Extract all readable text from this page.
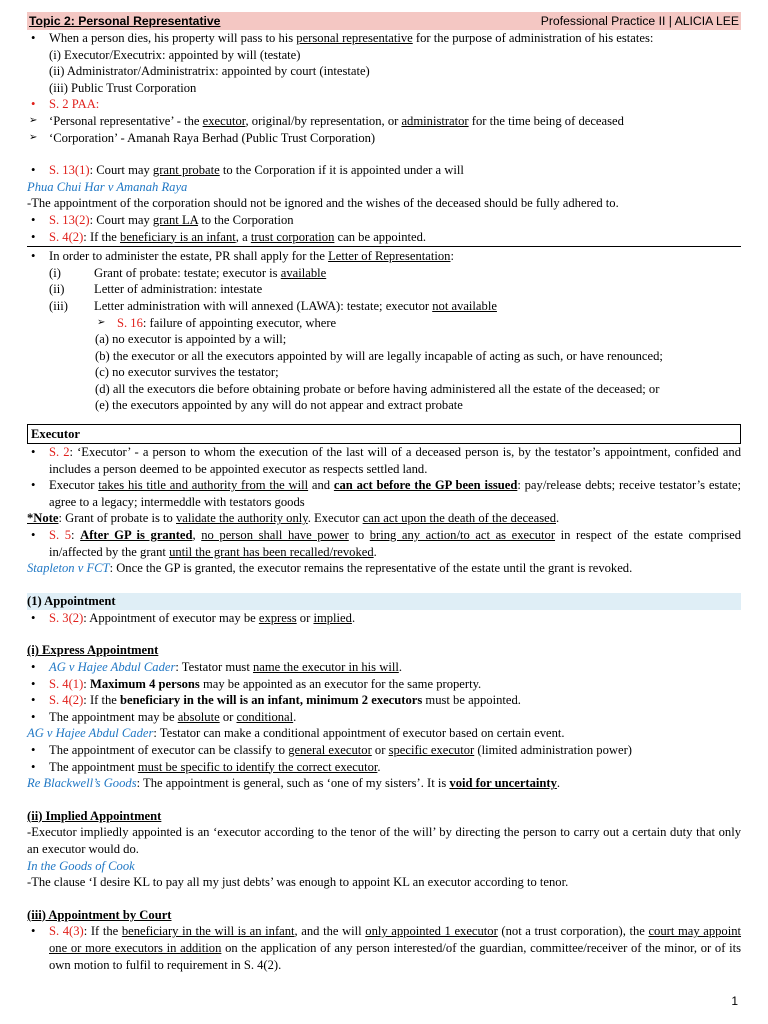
Topic 2: Personal Representative	Professional Practice II | ALICIA LEE
• When a person dies, his property will pass to his personal representative for the purpose of administration of his estates:
(i) Executor/Executrix: appointed by will (testate)
(ii) Administrator/Administratrix: appointed by court (intestate)
(iii) Public Trust Corporation
• S. 2 PAA:
➢ ‘Personal representative’ - the executor, original/by representation, or administrator for the time being of deceased
➢ ‘Corporation’ - Amanah Raya Berhad (Public Trust Corporation)
• S. 13(1): Court may grant probate to the Corporation if it is appointed under a will
Phua Chui Har v Amanah Raya
-The appointment of the corporation should not be ignored and the wishes of the deceased should be fully adhered to.
• S. 13(2): Court may grant LA to the Corporation
• S. 4(2): If the beneficiary is an infant, a trust corporation can be appointed.
• In order to administer the estate, PR shall apply for the Letter of Representation:
(i)	Grant of probate: testate; executor is available
(ii) Letter of administration: intestate
(iii) Letter administration with will annexed (LAWA): testate; executor not available
➢ S. 16: failure of appointing executor, where
(a) no executor is appointed by a will;
(b) the executor or all the executors appointed by will are legally incapable of acting as such, or have renounced;
(c) no executor survives the testator;
(d) all the executors die before obtaining probate or before having administered all the estate of the deceased; or
(e) the executors appointed by any will do not appear and extract probate
Executor
• S. 2: ‘Executor’ - a person to whom the execution of the last will of a deceased person is, by the testator’s appointment, confided and includes a person deemed to be appointed executor as respects settled land.
• Executor takes his title and authority from the will and can act before the GP been issued: pay/release debts; receive testator’s estate; agree to a legacy; intermeddle with testators goods
*Note: Grant of probate is to validate the authority only. Executor can act upon the death of the deceased.
• S. 5: After GP is granted, no person shall have power to bring any action/to act as executor in respect of the estate comprised in/affected by the grant until the grant has been recalled/revoked.
Stapleton v FCT: Once the GP is granted, the executor remains the representative of the estate until the grant is revoked.
(1) Appointment
• S. 3(2): Appointment of executor may be express or implied.
(i) Express Appointment
• AG v Hajee Abdul Cader: Testator must name the executor in his will.
• S. 4(1): Maximum 4 persons may be appointed as an executor for the same property.
• S. 4(2): If the beneficiary in the will is an infant, minimum 2 executors must be appointed.
• The appointment may be absolute or conditional.
AG v Hajee Abdul Cader: Testator can make a conditional appointment of executor based on certain event.
• The appointment of executor can be classify to general executor or specific executor (limited administration power)
• The appointment must be specific to identify the correct executor.
Re Blackwell’s Goods: The appointment is general, such as ‘one of my sisters’. It is void for uncertainty.
(ii) Implied Appointment
-Executor impliedly appointed is an ‘executor according to the tenor of the will’ by directing the person to carry out a certain duty that only an executor would do.
In the Goods of Cook
-The clause ‘I desire KL to pay all my just debts’ was enough to appoint KL an executor according to tenor.
(iii) Appointment by Court
• S. 4(3): If the beneficiary in the will is an infant, and the will only appointed 1 executor (not a trust corporation), the court may appoint one or more executors in addition on the application of any person interested/of the guardian, committee/receiver of the minor, or of its own motion to fulfil to requirement in S. 4(2).
1
